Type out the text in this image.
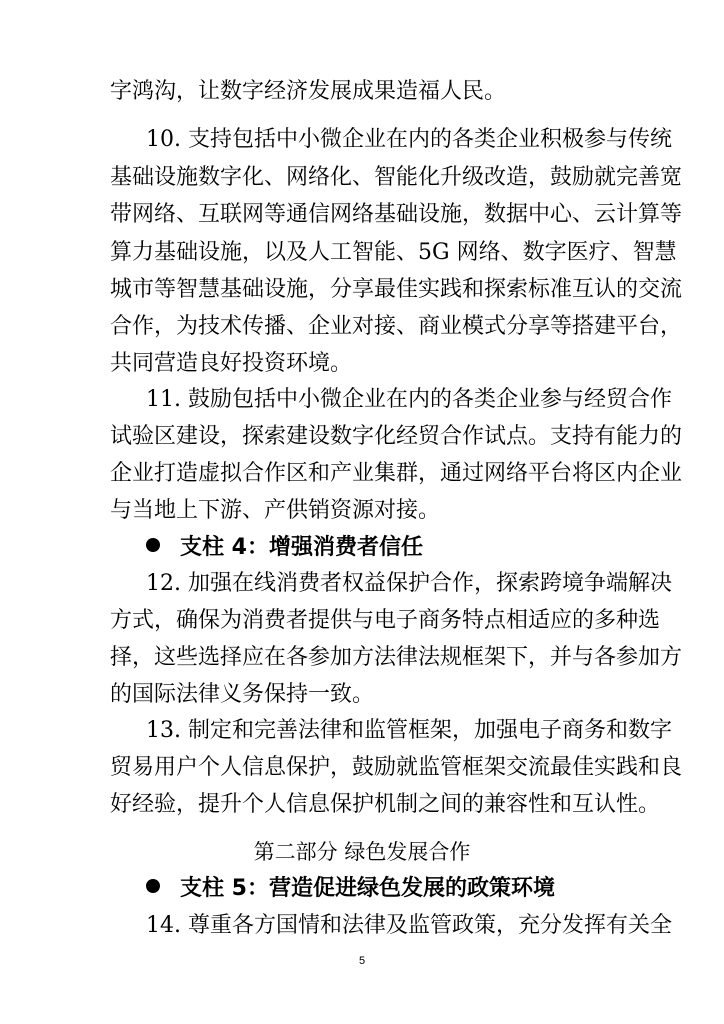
字鸿沟，让数字经济发展成果造福人民。
10. 支持包括中小微企业在内的各类企业积极参与传统
基础设施数字化、网络化、智能化升级改造，鼓励就完善宽
带网络、互联网等通信网络基础设施，数据中心、云计算等
算力基础设施，以及人工智能、5G 网络、数字医疗、智慧
城市等智慧基础设施，分享最佳实践和探索标准互认的交流
合作，为技术传播、企业对接、商业模式分享等搭建平台，
共同营造良好投资环境。
11. 鼓励包括中小微企业在内的各类企业参与经贸合作
试验区建设，探索建设数字化经贸合作试点。支持有能力的
企业打造虚拟合作区和产业集群，通过网络平台将区内企业
与当地上下游、产供销资源对接。
支柱 4：增强消费者信任
12. 加强在线消费者权益保护合作，探索跨境争端解决
方式，确保为消费者提供与电子商务特点相适应的多种选
择，这些选择应在各参加方法律法规框架下，并与各参加方
的国际法律义务保持一致。
13. 制定和完善法律和监管框架，加强电子商务和数字
贸易用户个人信息保护，鼓励就监管框架交流最佳实践和良
好经验，提升个人信息保护机制之间的兼容性和互认性。
第二部分 绿色发展合作
支柱 5：营造促进绿色发展的政策环境
14. 尊重各方国情和法律及监管政策，充分发挥有关全
5
